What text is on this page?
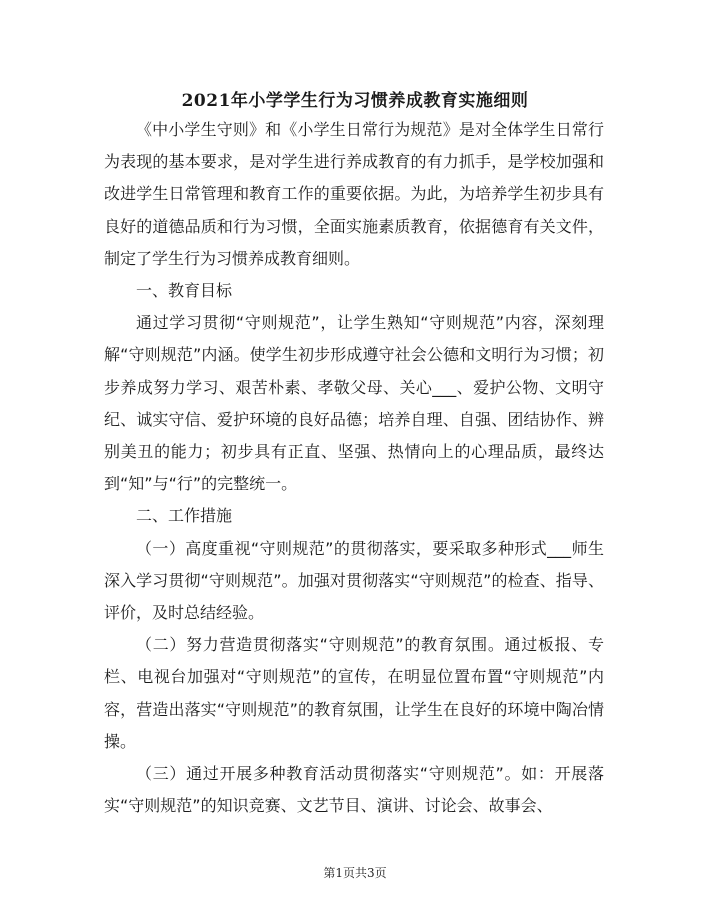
2021年小学学生行为习惯养成教育实施细则

《中小学生守则》和《小学生日常行为规范》是对全体学生日常行为表现的基本要求，是对学生进行养成教育的有力抓手，是学校加强和改进学生日常管理和教育工作的重要依据。为此，为培养学生初步具有良好的道德品质和行为习惯，全面实施素质教育，依据德育有关文件，制定了学生行为习惯养成教育细则。

一、教育目标

通过学习贯彻“守则规范”，让学生熟知“守则规范”内容，深刻理解“守则规范”内涵。使学生初步形成遵守社会公德和文明行为习惯；初步养成努力学习、艰苦朴素、孝敬父母、关心___、爱护公物、文明守纪、诚实守信、爱护环境的良好品德；培养自理、自强、团结协作、辨别美丑的能力；初步具有正直、坚强、热情向上的心理品质，最终达到“知”与“行”的完整统一。

二、工作措施

（一）高度重视“守则规范”的贯彻落实，要采取多种形式___师生深入学习贯彻“守则规范”。加强对贯彻落实“守则规范”的检查、指导、评价，及时总结经验。

（二）努力营造贯彻落实“守则规范”的教育氛围。通过板报、专栏、电视台加强对“守则规范”的宣传，在明显位置布置“守则规范”内容，营造出落实“守则规范”的教育氛围，让学生在良好的环境中陶冶情操。

（三）通过开展多种教育活动贯彻落实“守则规范”。如：开展落实“守则规范”的知识竞赛、文艺节目、演讲、讨论会、故事会、

第1页共3页
